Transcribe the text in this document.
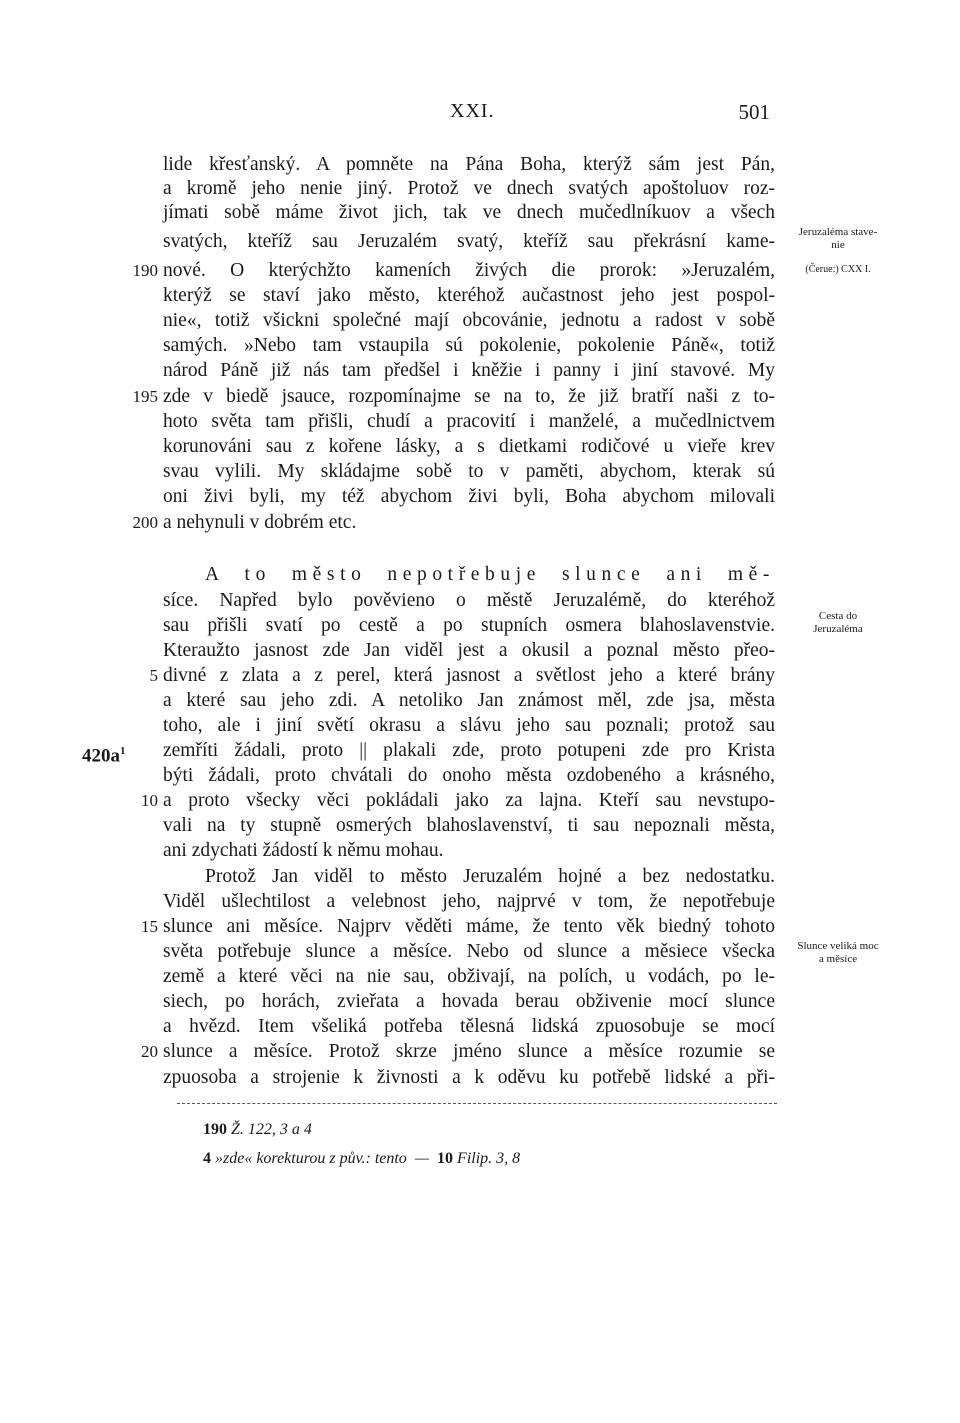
XXI.	501
lide křesťanský. A pomněte na Pána Boha, kterýž sám jest Pán,
a kromě jeho nenie jiný. Protož ve dnech svatých apoštoluov roz-
jímati sobě máme život jich, tak ve dnech mučedlníkuov a všech
svatých, kteříž sau Jeruzalém svatý, kteříž sau překrásní kame-
190 nové. O kterýchžto kameních živých die prorok: »Jeruzalém,
kterýž se staví jako město, kteréhož aučastnost jeho jest pospol-
nie«, totiž všickni společné mají obcovánie, jednotu a radost v sobě
samých. »Nebo tam vstaupila sú pokolenie, pokolenie Páně«, totiž
národ Páně již nás tam předšel i kněžie i panny i jiní stavové. My
195 zde v biedě jsauce, rozpomínajme se na to, že již bratří naši z to-
hoto světa tam přišli, chudí a pracovití i manželé, a mučedlnictvem
korunováni sau z kořene lásky, a s dietkami rodičové u vieře krev
svau vylili. My skládajme sobě to v paměti, abychom, kterak sú
oni živi byli, my též abychom živi byli, Boha abychom milovali
200 a nehynuli v dobrém etc.
A to město nepotřebuje slunce ani mě-
síce. Napřed bylo pověvieno o městě Jeruzalémě, do kteréhož
sau přišli svatí po cestě a po stupních osmera blahoslavenstvie.
Kteraužto jasnost zde Jan viděl jest a okusil a poznal město přeo-
5 divné z zlata a z perel, která jasnost a světlost jeho a které brány
a které sau jeho zdi. A netoliko Jan známost měl, zde jsa, města
toho, ale i jiní světí okrasu a slávu jeho sau poznali; protož sau
$420a^1$ zemříti žádali, proto || plakali zde, proto potupeni zde pro Krista
býti žádali, proto chvátali do onoho města ozdobeného a krásného,
10 a proto všecky věci pokládali jako za lajna. Kteří sau nevstupo-
vali na ty stupně osmerých blahoslavenství, ti sau nepoznali města,
ani zdychati žádostí k němu mohau.
Protož Jan viděl to město Jeruzalém hojné a bez nedostatku.
Viděl ušlechtilost a velebnost jeho, najprvé v tom, že nepotřebuje
15 slunce ani měsíce. Najprv věděti máme, že tento věk biedný tohoto
světa potřebuje slunce a měsíce. Nebo od slunce a měsiece všecka
země a které věci na nie sau, obživají, na polích, u vodách, po le-
siech, po horách, zvieřata a hovada berau obživenie mocí slunce
a hvězd. Item všeliká potřeba tělesná lidská zpuosobuje se mocí
20 slunce a měsíce. Protož skrze jméno slunce a měsíce rozumie se
zpuosoba a strojenie k živnosti a k oděvu ku potřebě lidské a při-
Jeruzaléma stave-
nie
(Čerue:) CXX I.
Cesta do
Jeruzaléma
Slunce veliká moc
a měsíce
190 Ž. 122, 3 a 4
4 »zde« korekturou z pův.: tento  —  10 Filip. 3, 8
